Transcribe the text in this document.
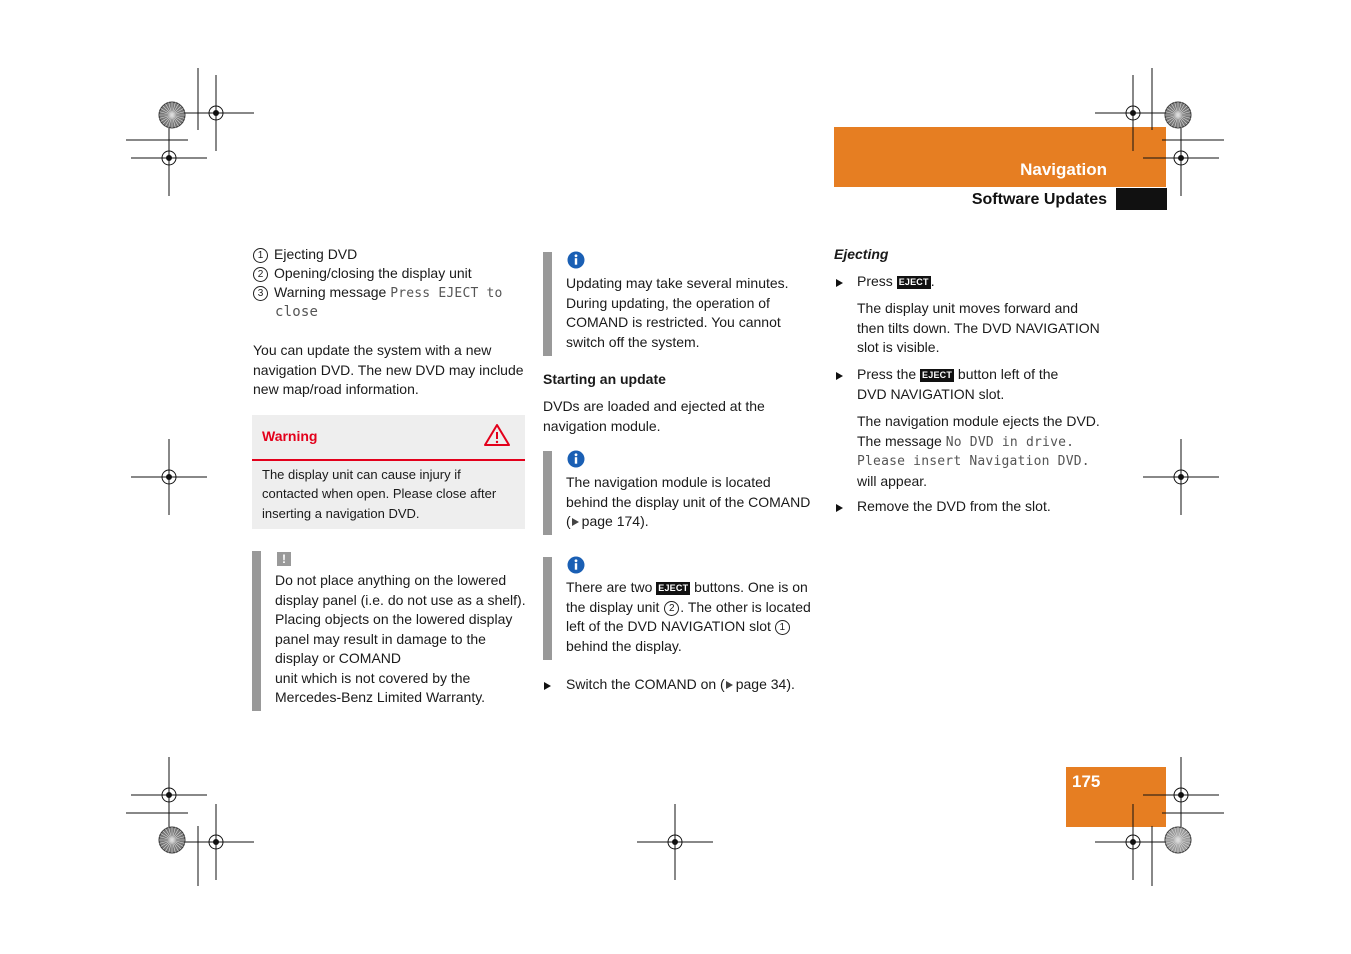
Navigation
Software Updates
1 Ejecting DVD
2 Opening/closing the display unit
3 Warning message Press EJECT to
close
You can update the system with a new
navigation DVD. The new DVD may include
new map/road information.
Warning
The display unit can cause injury if
contacted when open. Please close after
inserting a navigation DVD.
!
Do not place anything on the lowered
display panel (i.e. do not use as a shelf).
Placing objects on the lowered display
panel may result in damage to the
display or COMAND
unit which is not covered by the
Mercedes-Benz Limited Warranty.
Updating may take several minutes.
During updating, the operation of
COMAND is restricted. You cannot
switch off the system.
Starting an update
DVDs are loaded and ejected at the
navigation module.
The navigation module is located
behind the display unit of the COMAND
( page 174).
There are two EJECT buttons. One is on
the display unit 2 . The other is located
left of the DVD NAVIGATION slot 1
behind the display.
Switch the COMAND on ( page 34).
Ejecting
Press EJECT .
The display unit moves forward and
then tilts down. The DVD NAVIGATION
slot is visible.
Press the EJECT button left of the
DVD NAVIGATION slot.
The navigation module ejects the DVD.
The message No DVD in drive.
Please insert Navigation DVD.
will appear.
Remove the DVD from the slot.
175
